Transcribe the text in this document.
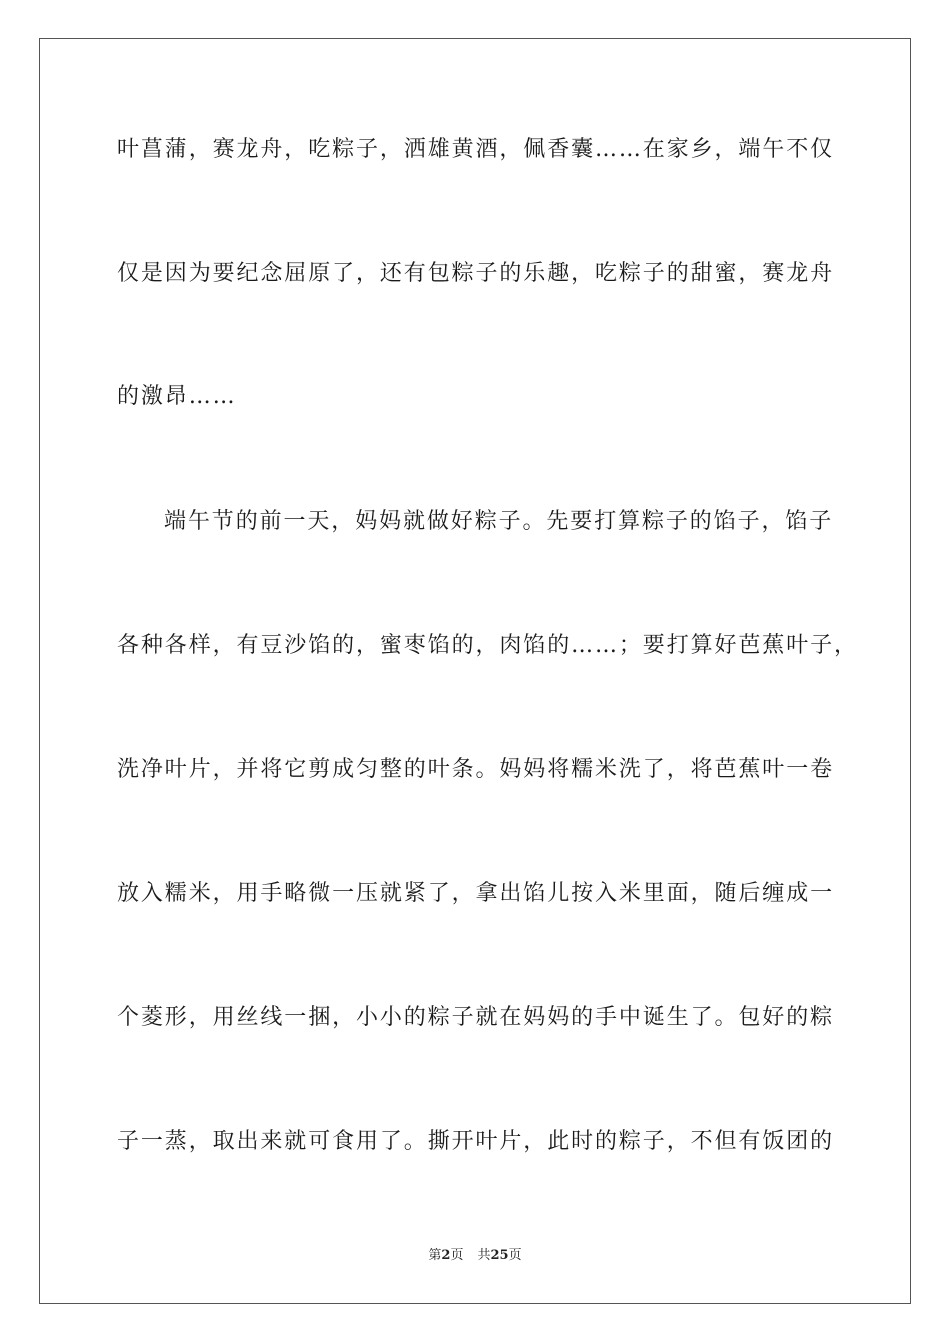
叶菖蒲，赛龙舟，吃粽子，洒雄黄酒，佩香囊……在家乡，端午不仅
仅是因为要纪念屈原了，还有包粽子的乐趣，吃粽子的甜蜜，赛龙舟
的激昂……
端午节的前一天，妈妈就做好粽子。先要打算粽子的馅子，馅子
各种各样，有豆沙馅的，蜜枣馅的，肉馅的……；要打算好芭蕉叶子，
洗净叶片，并将它剪成匀整的叶条。妈妈将糯米洗了，将芭蕉叶一卷
放入糯米，用手略微一压就紧了，拿出馅儿按入米里面，随后缠成一
个菱形，用丝线一捆，小小的粽子就在妈妈的手中诞生了。包好的粽
子一蒸，取出来就可食用了。撕开叶片，此时的粽子，不但有饭团的
第2页 共25页
